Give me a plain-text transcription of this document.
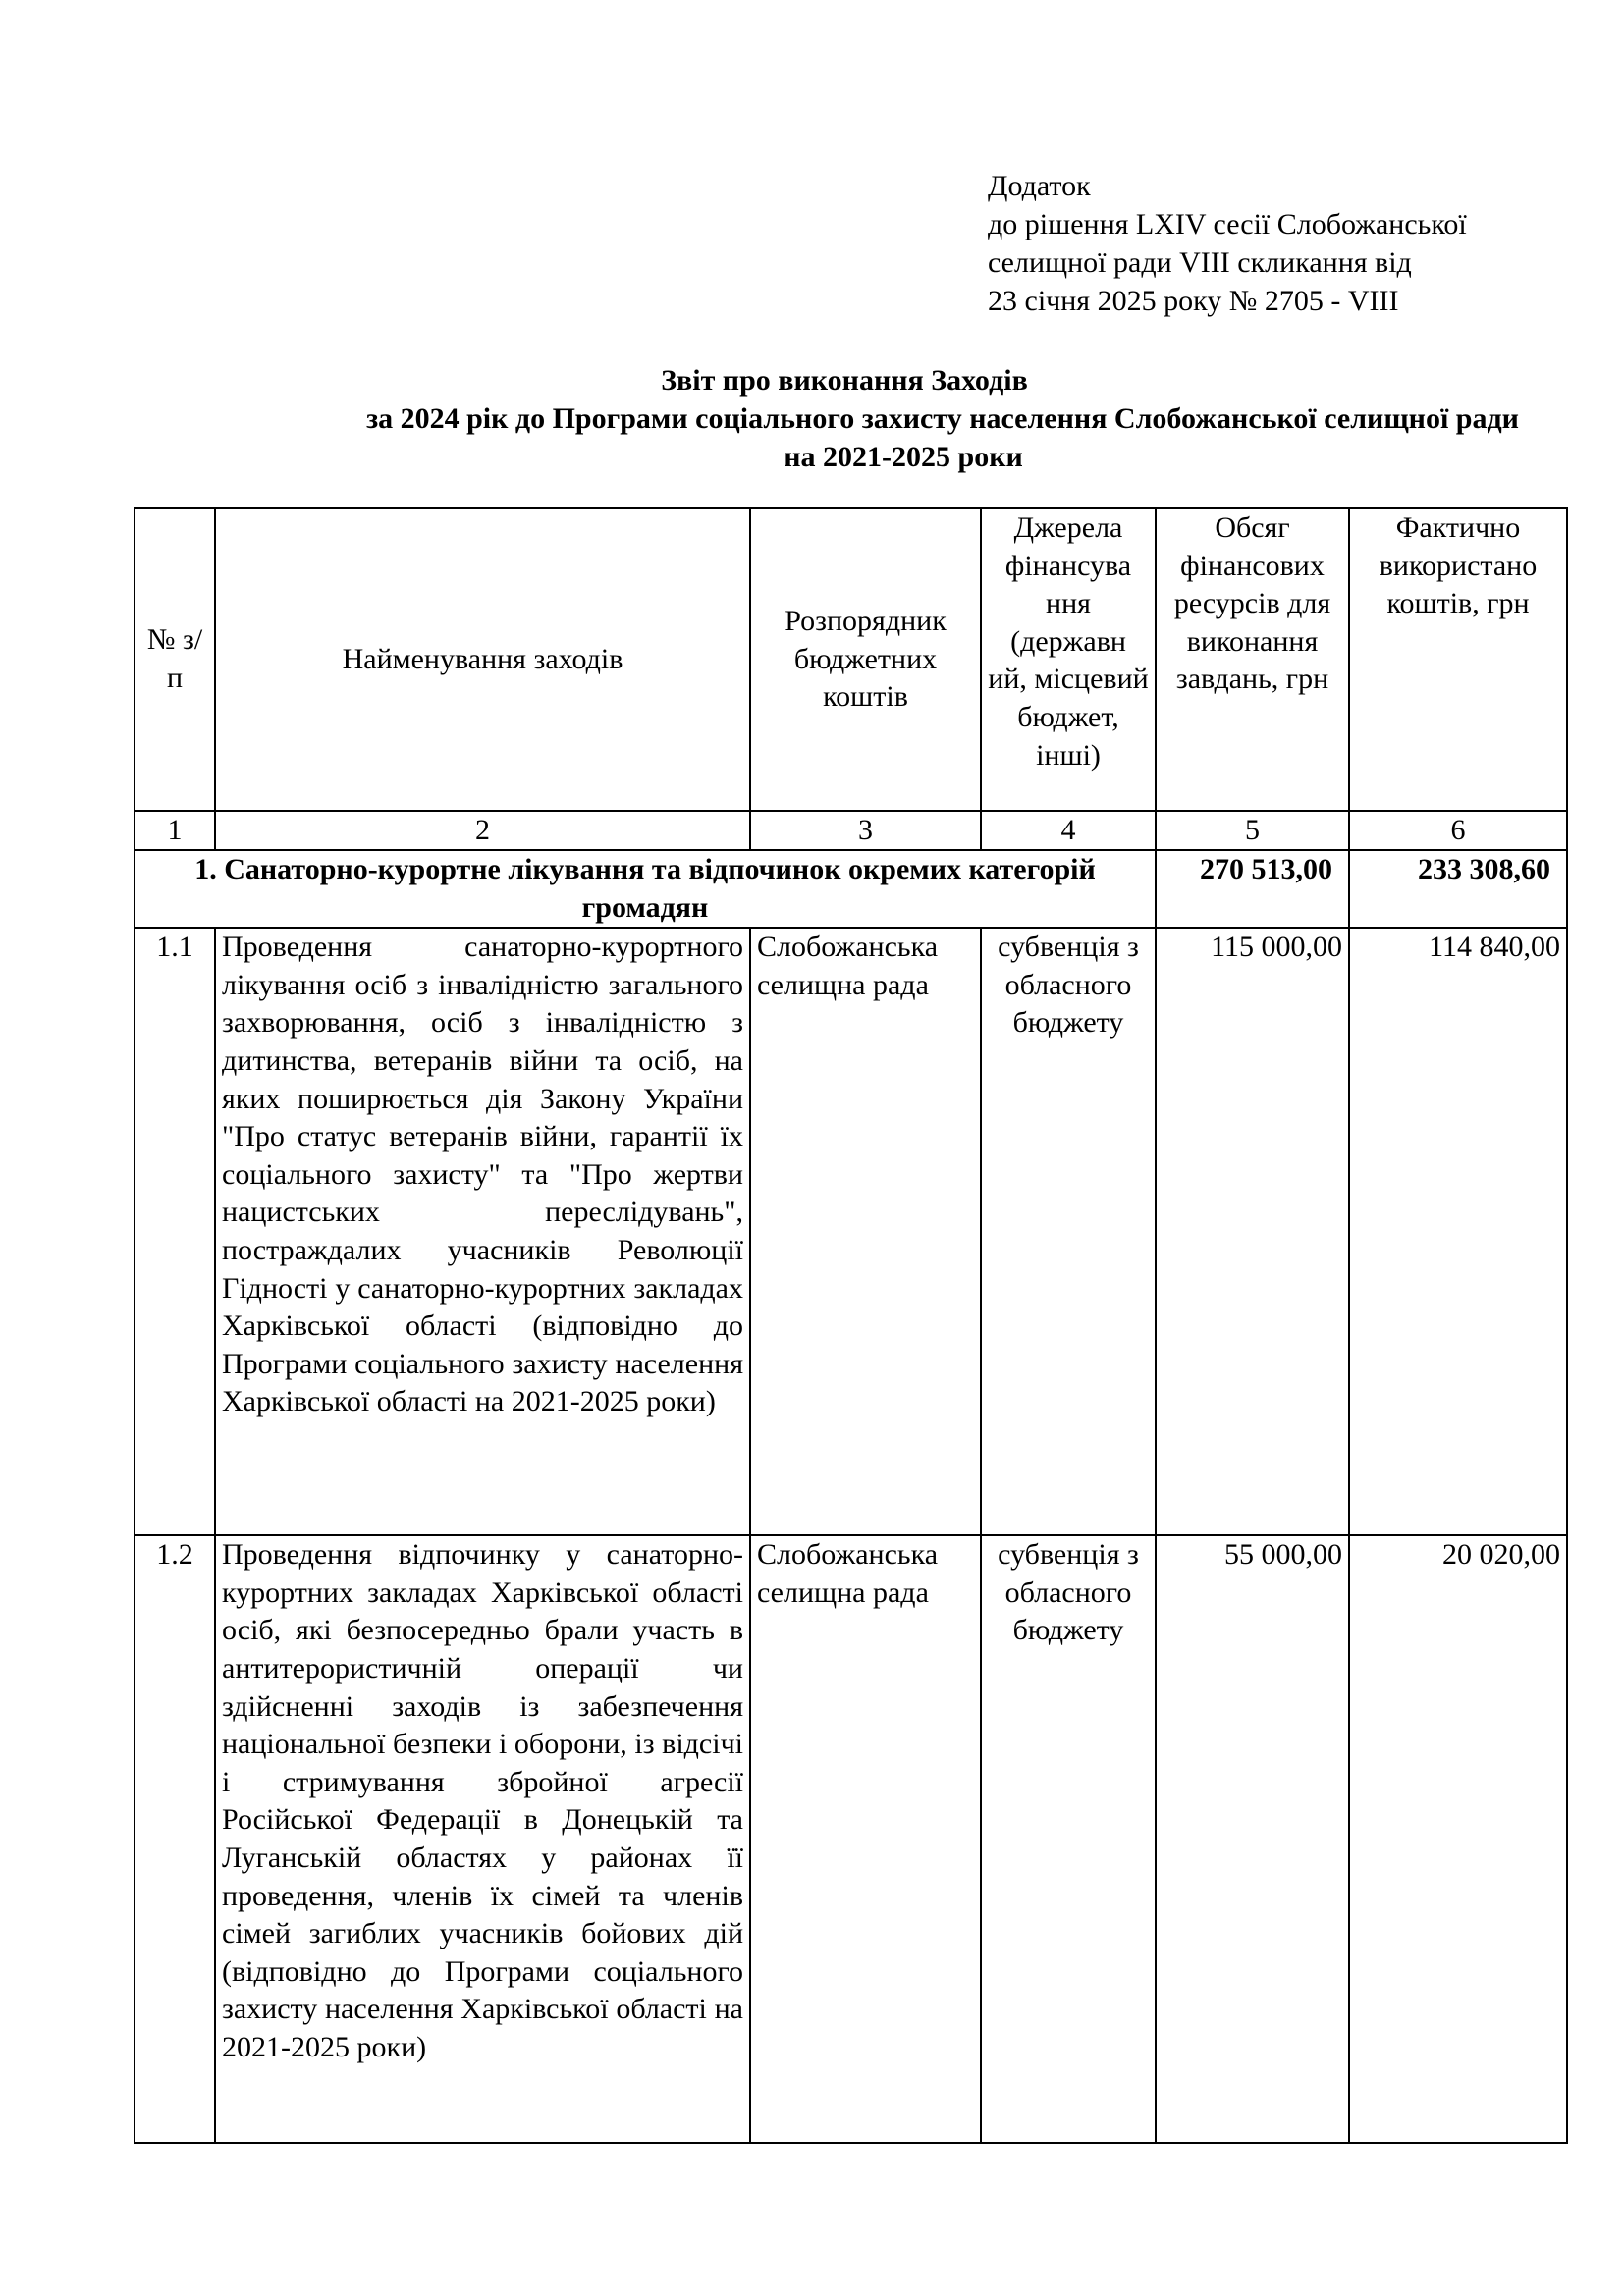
Додаток
до рішення LXIV сесії Слобожанської
селищної ради VIII скликання від
23 січня 2025 року № 2705 - VIII
Звіт про виконання Заходів
за 2024 рік до Програми соціального захисту населення Слобожанської селищної ради
на 2021-2025 роки
№ з/п	Найменування заходів	Розпорядник бюджетних коштів	Джерела фінансува ння (державн ий, місцевий бюджет, інші)	Обсяг фінансових ресурсів для виконання завдань, грн	Фактично використано коштів, грн
1	2	3	4	5	6
1. Санаторно-курортне лікування та відпочинок окремих категорій громадян				270 513,00	233 308,60
1.1	Проведення санаторно-курортного лікування осіб з інвалідністю загального захворювання, осіб з інвалідністю з дитинства, ветеранів війни та осіб, на яких поширюється дія Закону України "Про статус ветеранів війни, гарантії їх соціального захисту" та "Про жертви нацистських переслідувань", постраждалих учасників Революції Гідності у санаторно-курортних закладах Харківської області (відповідно до Програми соціального захисту населення Харківської області на 2021-2025 роки)	Слобожанська селищна рада	субвенція з обласного бюджету	115 000,00	114 840,00
1.2	Проведення відпочинку у санаторно-курортних закладах Харківської області осіб, які безпосередньо брали участь в антитерористичній операції чи здійсненні заходів із забезпечення національної безпеки і оборони, із відсічі і стримування збройної агресії Російської Федерації в Донецькій та Луганській областях у районах її проведення, членів їх сімей та членів сімей загиблих учасників бойових дій (відповідно до Програми соціального захисту населення Харківської області на 2021-2025 роки)	Слобожанська селищна рада	субвенція з обласного бюджету	55 000,00	20 020,00
